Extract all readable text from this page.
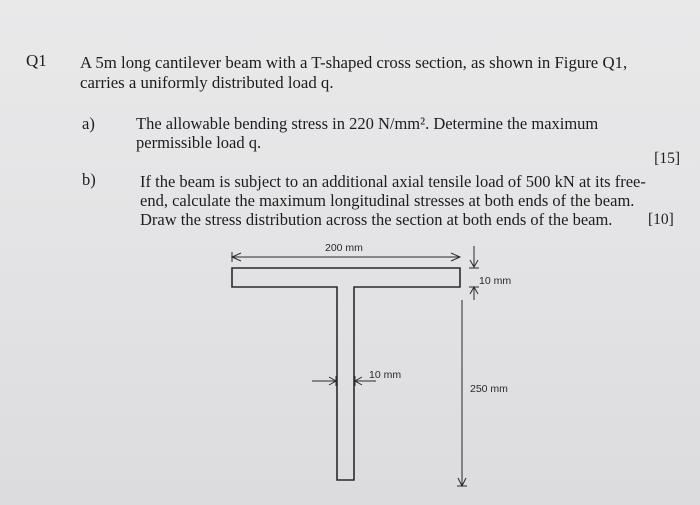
Q1 A 5m long cantilever beam with a T-shaped cross section, as shown in Figure Q1,
carries a uniformly distributed load q.
a) The allowable bending stress in 220 N/mm². Determine the maximum
permissible load q.
[15]
b)	If the beam is subject to an additional axial tensile load of 500 kN at its free-
end, calculate the maximum longitudinal stresses at both ends of the beam.
Draw the stress distribution across the section at both ends of the beam. [10]
200 mm
10 mm
10 mm
250 mm
